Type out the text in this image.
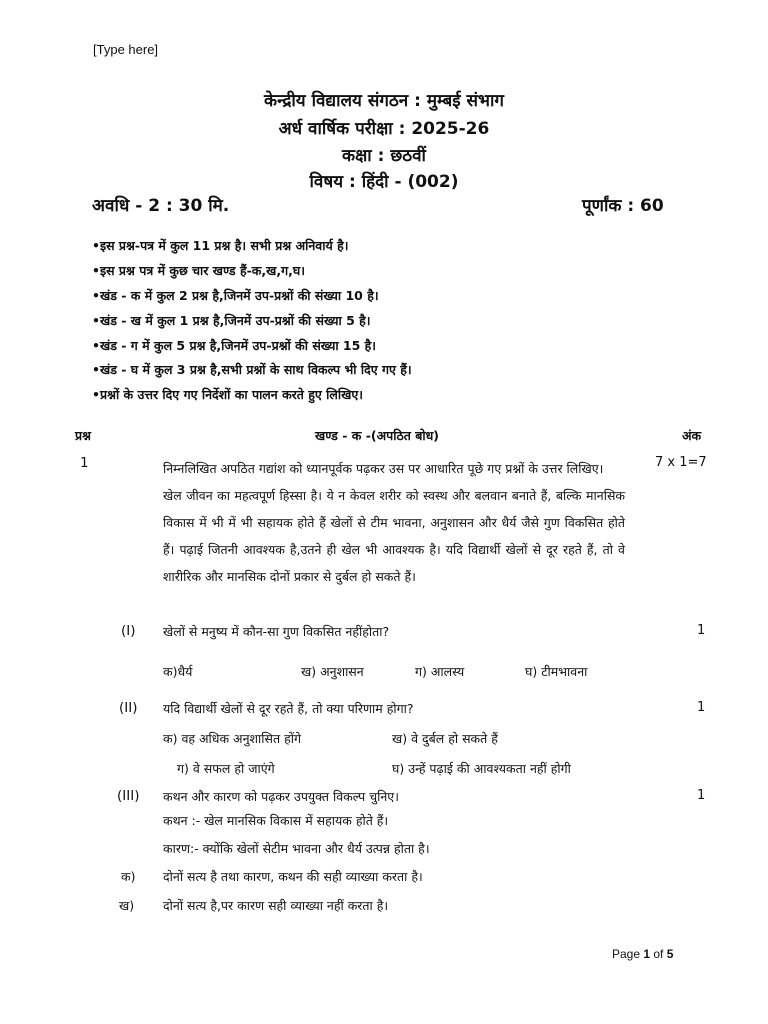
[Type here]
केन्द्रीय विद्यालय संगठन : मुम्बई संभाग
अर्ध वार्षिक परीक्षा : 2025-26
कक्षा : छठवीं
विषय : हिंदी - (002)
अवधि - 2 : 30 मि.	पूर्णांक : 60
•इस प्रश्न-पत्र में कुल 11 प्रश्न है। सभी प्रश्न अनिवार्य है।
•इस प्रश्न पत्र में कुछ चार खण्ड हैं-क,ख,ग,घ।
•खंड - क में कुल 2 प्रश्न है,जिनमें उप-प्रश्नों की संख्या 10 है।
•खंड - ख में कुल 1 प्रश्न है,जिनमें उप-प्रश्नों की संख्या 5 है।
•खंड - ग में कुल 5 प्रश्न है,जिनमें उप-प्रश्नों की संख्या 15 है।
•खंड - घ में कुल 3 प्रश्न है,सभी प्रश्नों के साथ विकल्प भी दिए गए हैं।
•प्रश्नों के उत्तर दिए गए निर्देशों का पालन करते हुए लिखिए।
प्रश्न	खण्ड - क -(अपठित बोध)	अंक
1	7 x 1=7
निम्नलिखित अपठित गद्यांश को ध्यानपूर्वक पढ़कर उस पर आधारित पूछे गए प्रश्नों के उत्तर लिखिए।
खेल जीवन का महत्वपूर्ण हिस्सा है। ये न केवल शरीर को स्वस्थ और बलवान बनाते हैं, बल्कि मानसिक विकास में भी में भी सहायक होते हैं खेलों से टीम भावना, अनुशासन और धैर्य जैसे गुण विकसित होते हैं। पढ़ाई जितनी आवश्यक है,उतने ही खेल भी आवश्यक है। यदि विद्यार्थी खेलों से दूर रहते हैं, तो वे शारीरिक और मानसिक दोनों प्रकार से दुर्बल हो सकते हैं।
(I) खेलों से मनुष्य में कौन-सा गुण विकसित नहींहोता?	1
क)धैर्य	ख) अनुशासन	ग) आलस्य	घ) टीमभावना
(II) यदि विद्यार्थी खेलों से दूर रहते हैं, तो क्या परिणाम होगा?	1
क) वह अधिक अनुशासित होंगे	ख) वे दुर्बल हो सकते हैं
ग) वे सफल हो जाएंगे	घ) उन्हें पढ़ाई की आवश्यकता नहीं होगी
(III) कथन और कारण को पढ़कर उपयुक्त विकल्प चुनिए।	1
कथन :- खेल मानसिक विकास में सहायक होते हैं।
कारण:- क्योंकि खेलों सेटीम भावना और धैर्य उत्पन्न होता है।
क) दोनों सत्य है तथा कारण, कथन की सही व्याख्या करता है।
ख) दोनों सत्य है,पर कारण सही व्याख्या नहीं करता है।
Page 1 of 5
